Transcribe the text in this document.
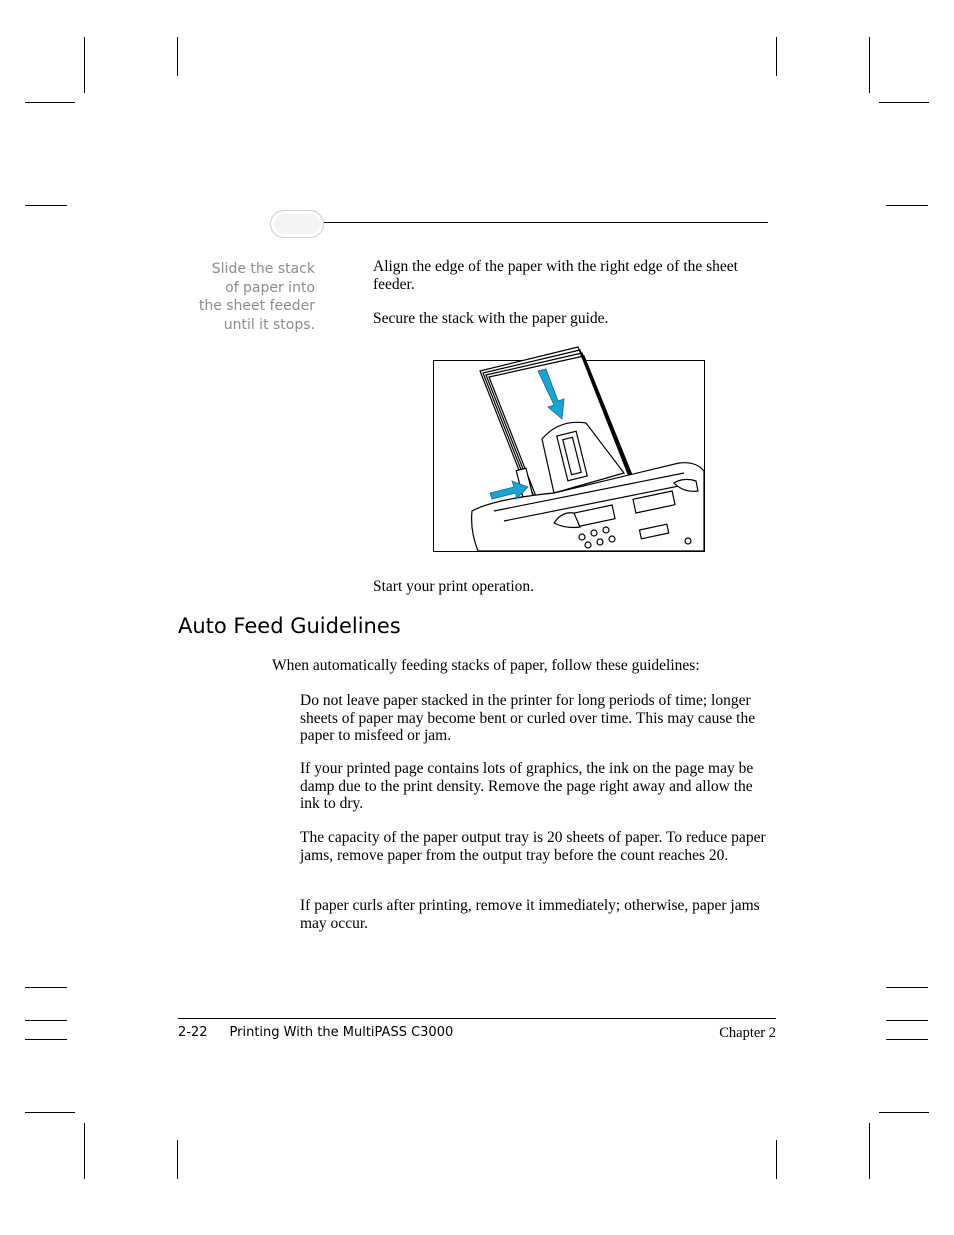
Slide the stack
of paper into
the sheet feeder
until it stops.

Align the edge of the paper with the right edge of the sheet feeder.

Secure the stack with the paper guide.

Start your print operation.

Auto Feed Guidelines

When automatically feeding stacks of paper, follow these guidelines:

Do not leave paper stacked in the printer for long periods of time; longer sheets of paper may become bent or curled over time. This may cause the paper to misfeed or jam.

If your printed page contains lots of graphics, the ink on the page may be damp due to the print density. Remove the page right away and allow the ink to dry.

The capacity of the paper output tray is 20 sheets of paper. To reduce paper jams, remove paper from the output tray before the count reaches 20.

If paper curls after printing, remove it immediately; otherwise, paper jams may occur.

2-22 Printing With the MultiPASS C3000	Chapter 2
